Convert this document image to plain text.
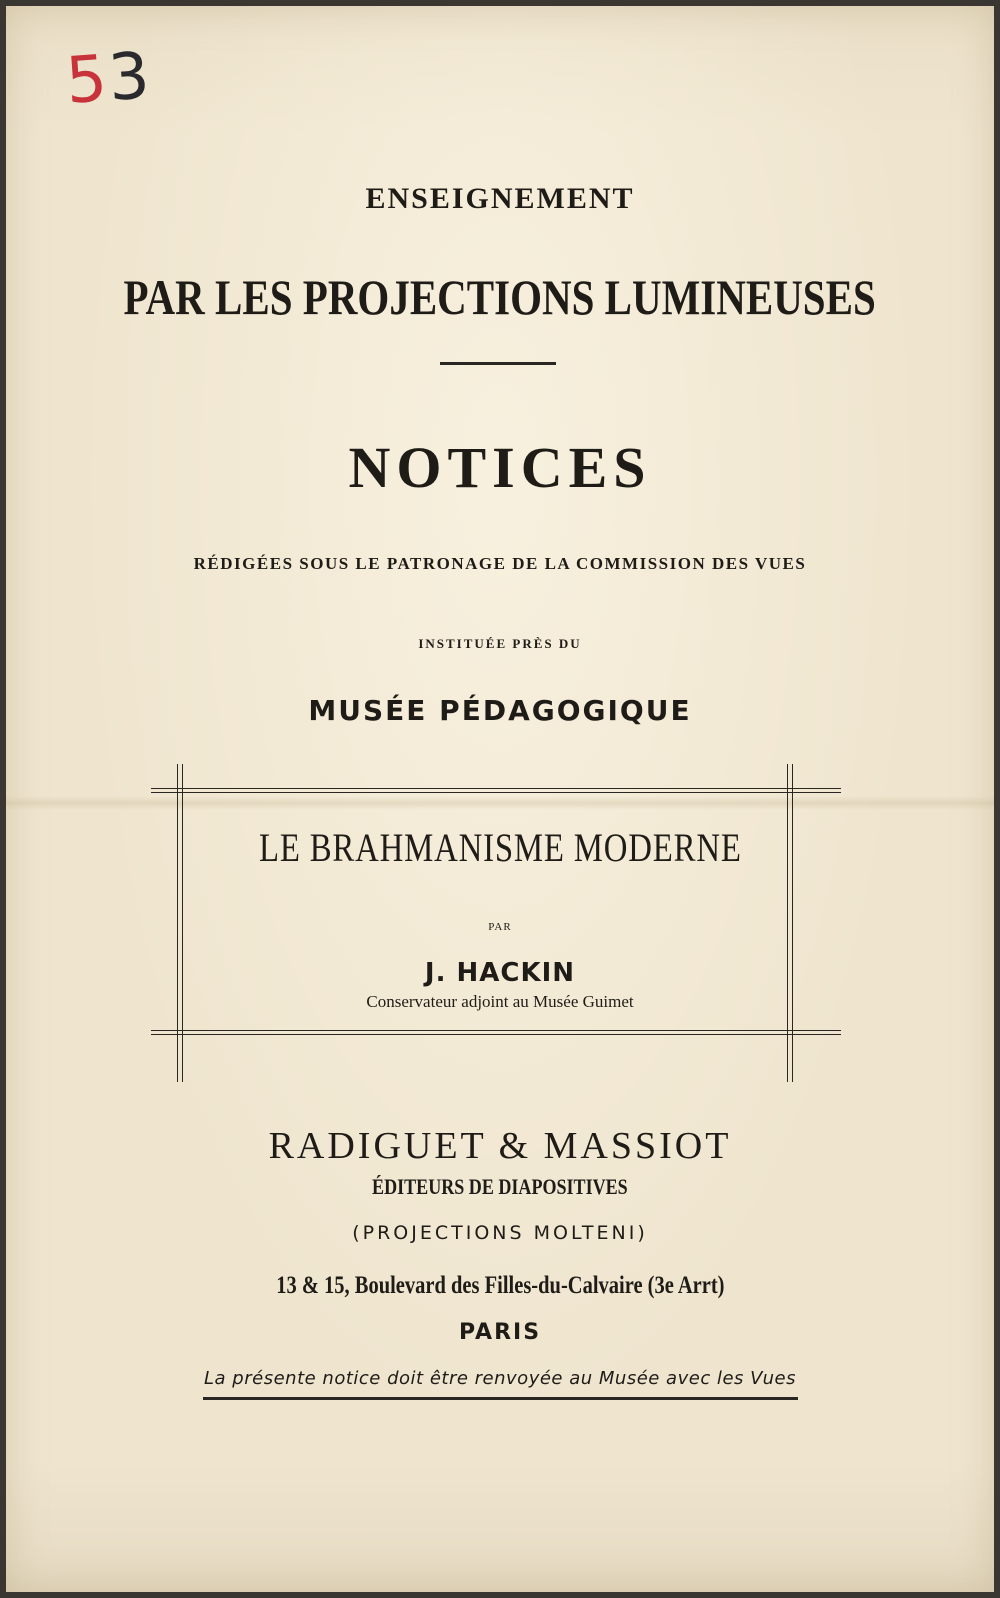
53
ENSEIGNEMENT
PAR LES PROJECTIONS LUMINEUSES
NOTICES
RÉDIGÉES SOUS LE PATRONAGE DE LA COMMISSION DES VUES
INSTITUÉE PRÈS DU
MUSÉE PÉDAGOGIQUE
LE BRAHMANISME MODERNE
PAR
J. HACKIN
Conservateur adjoint au Musée Guimet
RADIGUET & MASSIOT
ÉDITEURS DE DIAPOSITIVES
(PROJECTIONS MOLTENI)
13 & 15, Boulevard des Filles-du-Calvaire (3e Arrt)
PARIS
La présente notice doit être renvoyée au Musée avec les Vues
